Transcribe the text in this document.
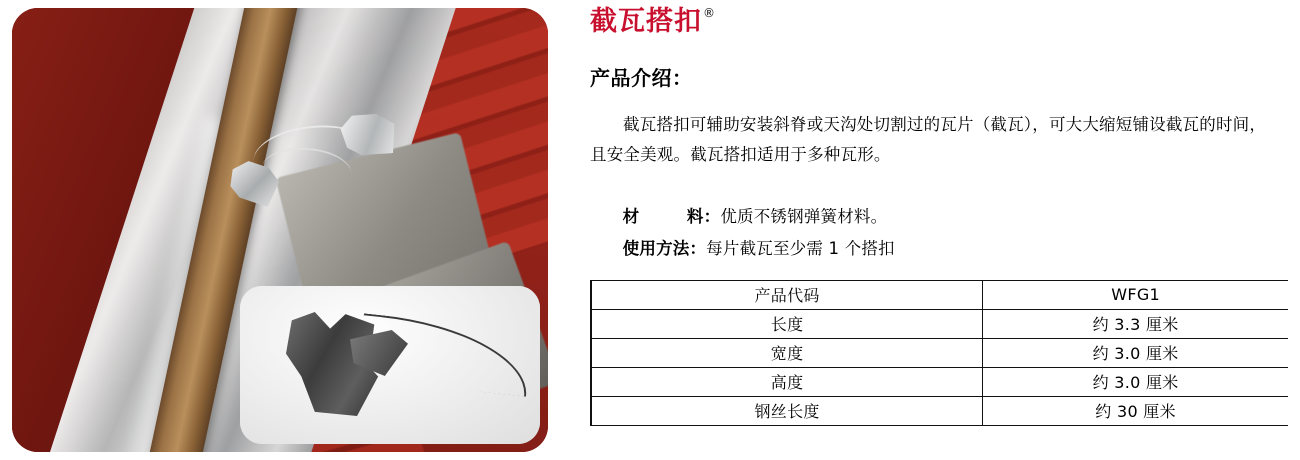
截瓦搭扣 ®
产品介绍：
截瓦搭扣可辅助安装斜脊或天沟处切割过的瓦片（截瓦），可大大缩短铺设截瓦的时间，且安全美观。截瓦搭扣适用于多种瓦形。

材        料：优质不锈钢弹簧材料。

使用方法：每片截瓦至少需 1 个搭扣

产品代码	WFG1
长度	约 3.3 厘米
宽度	约 3.0 厘米
高度	约 3.0 厘米
钢丝长度	约 30 厘米
